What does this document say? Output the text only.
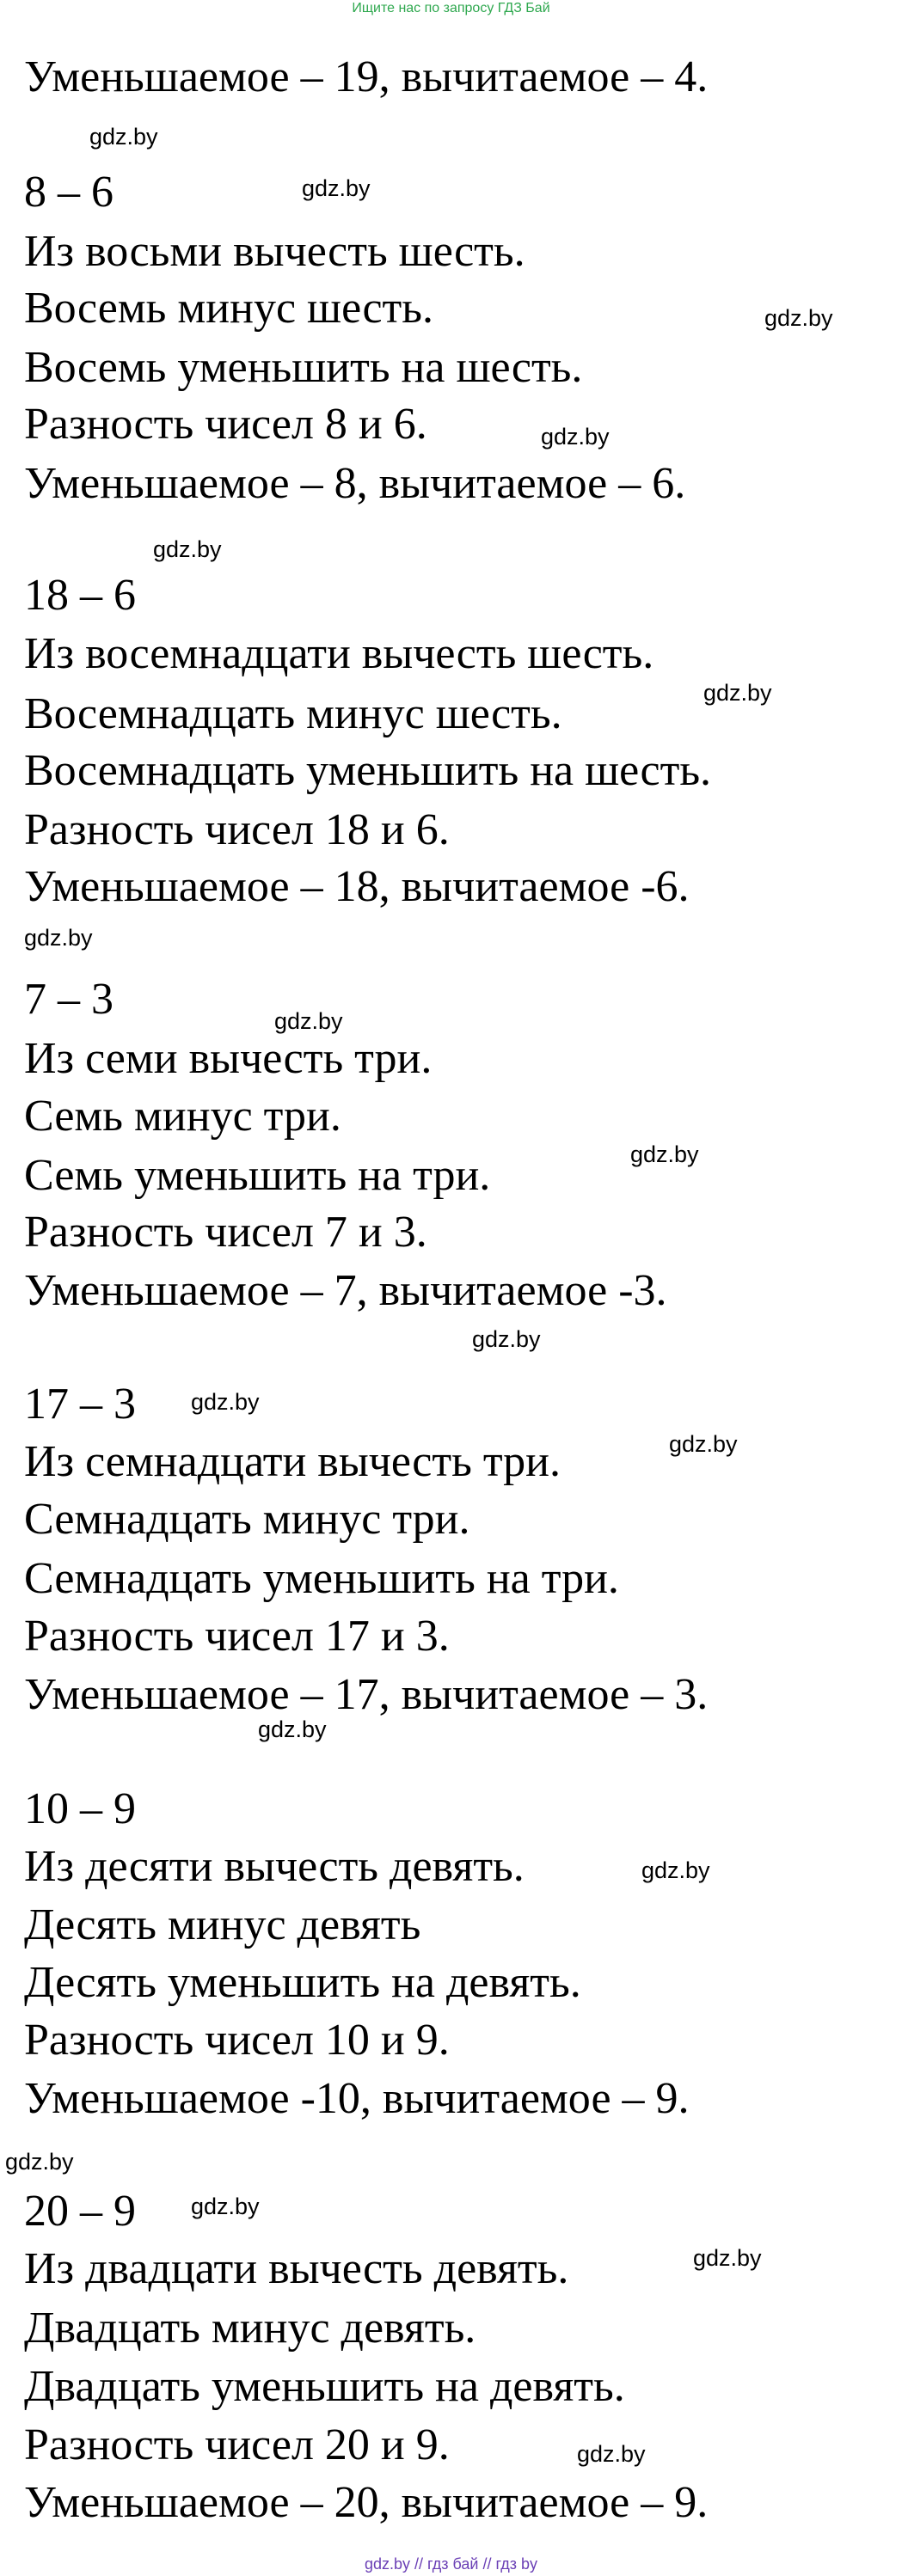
Ищите нас по запросу ГДЗ Бай
Уменьшаемое – 19, вычитаемое – 4.
8 – 6
Из восьми вычесть шесть.
Восемь минус шесть.
Восемь уменьшить на шесть.
Разность чисел 8 и 6.
Уменьшаемое – 8, вычитаемое – 6.
18 – 6
Из восемнадцати вычесть шесть.
Восемнадцать минус шесть.
Восемнадцать уменьшить на шесть.
Разность чисел 18 и 6.
Уменьшаемое – 18, вычитаемое -6.
7 – 3
Из семи вычесть три.
Семь минус три.
Семь уменьшить на три.
Разность чисел 7 и 3.
Уменьшаемое – 7, вычитаемое -3.
17 – 3
Из семнадцати вычесть три.
Семнадцать минус три.
Семнадцать уменьшить на три.
Разность чисел 17 и 3.
Уменьшаемое – 17, вычитаемое – 3.
10 – 9
Из десяти вычесть девять.
Десять минус девять
Десять уменьшить на девять.
Разность чисел 10 и 9.
Уменьшаемое -10, вычитаемое – 9.
20 – 9
Из двадцати вычесть девять.
Двадцать минус девять.
Двадцать уменьшить на девять.
Разность чисел 20 и 9.
Уменьшаемое – 20, вычитаемое – 9.
gdz.by
gdz.by
gdz.by
gdz.by
gdz.by
gdz.by
gdz.by
gdz.by
gdz.by
gdz.by
gdz.by
gdz.by
gdz.by
gdz.by
gdz.by
gdz.by
gdz.by
gdz.by
gdz.by // гдз бай // гдз by
